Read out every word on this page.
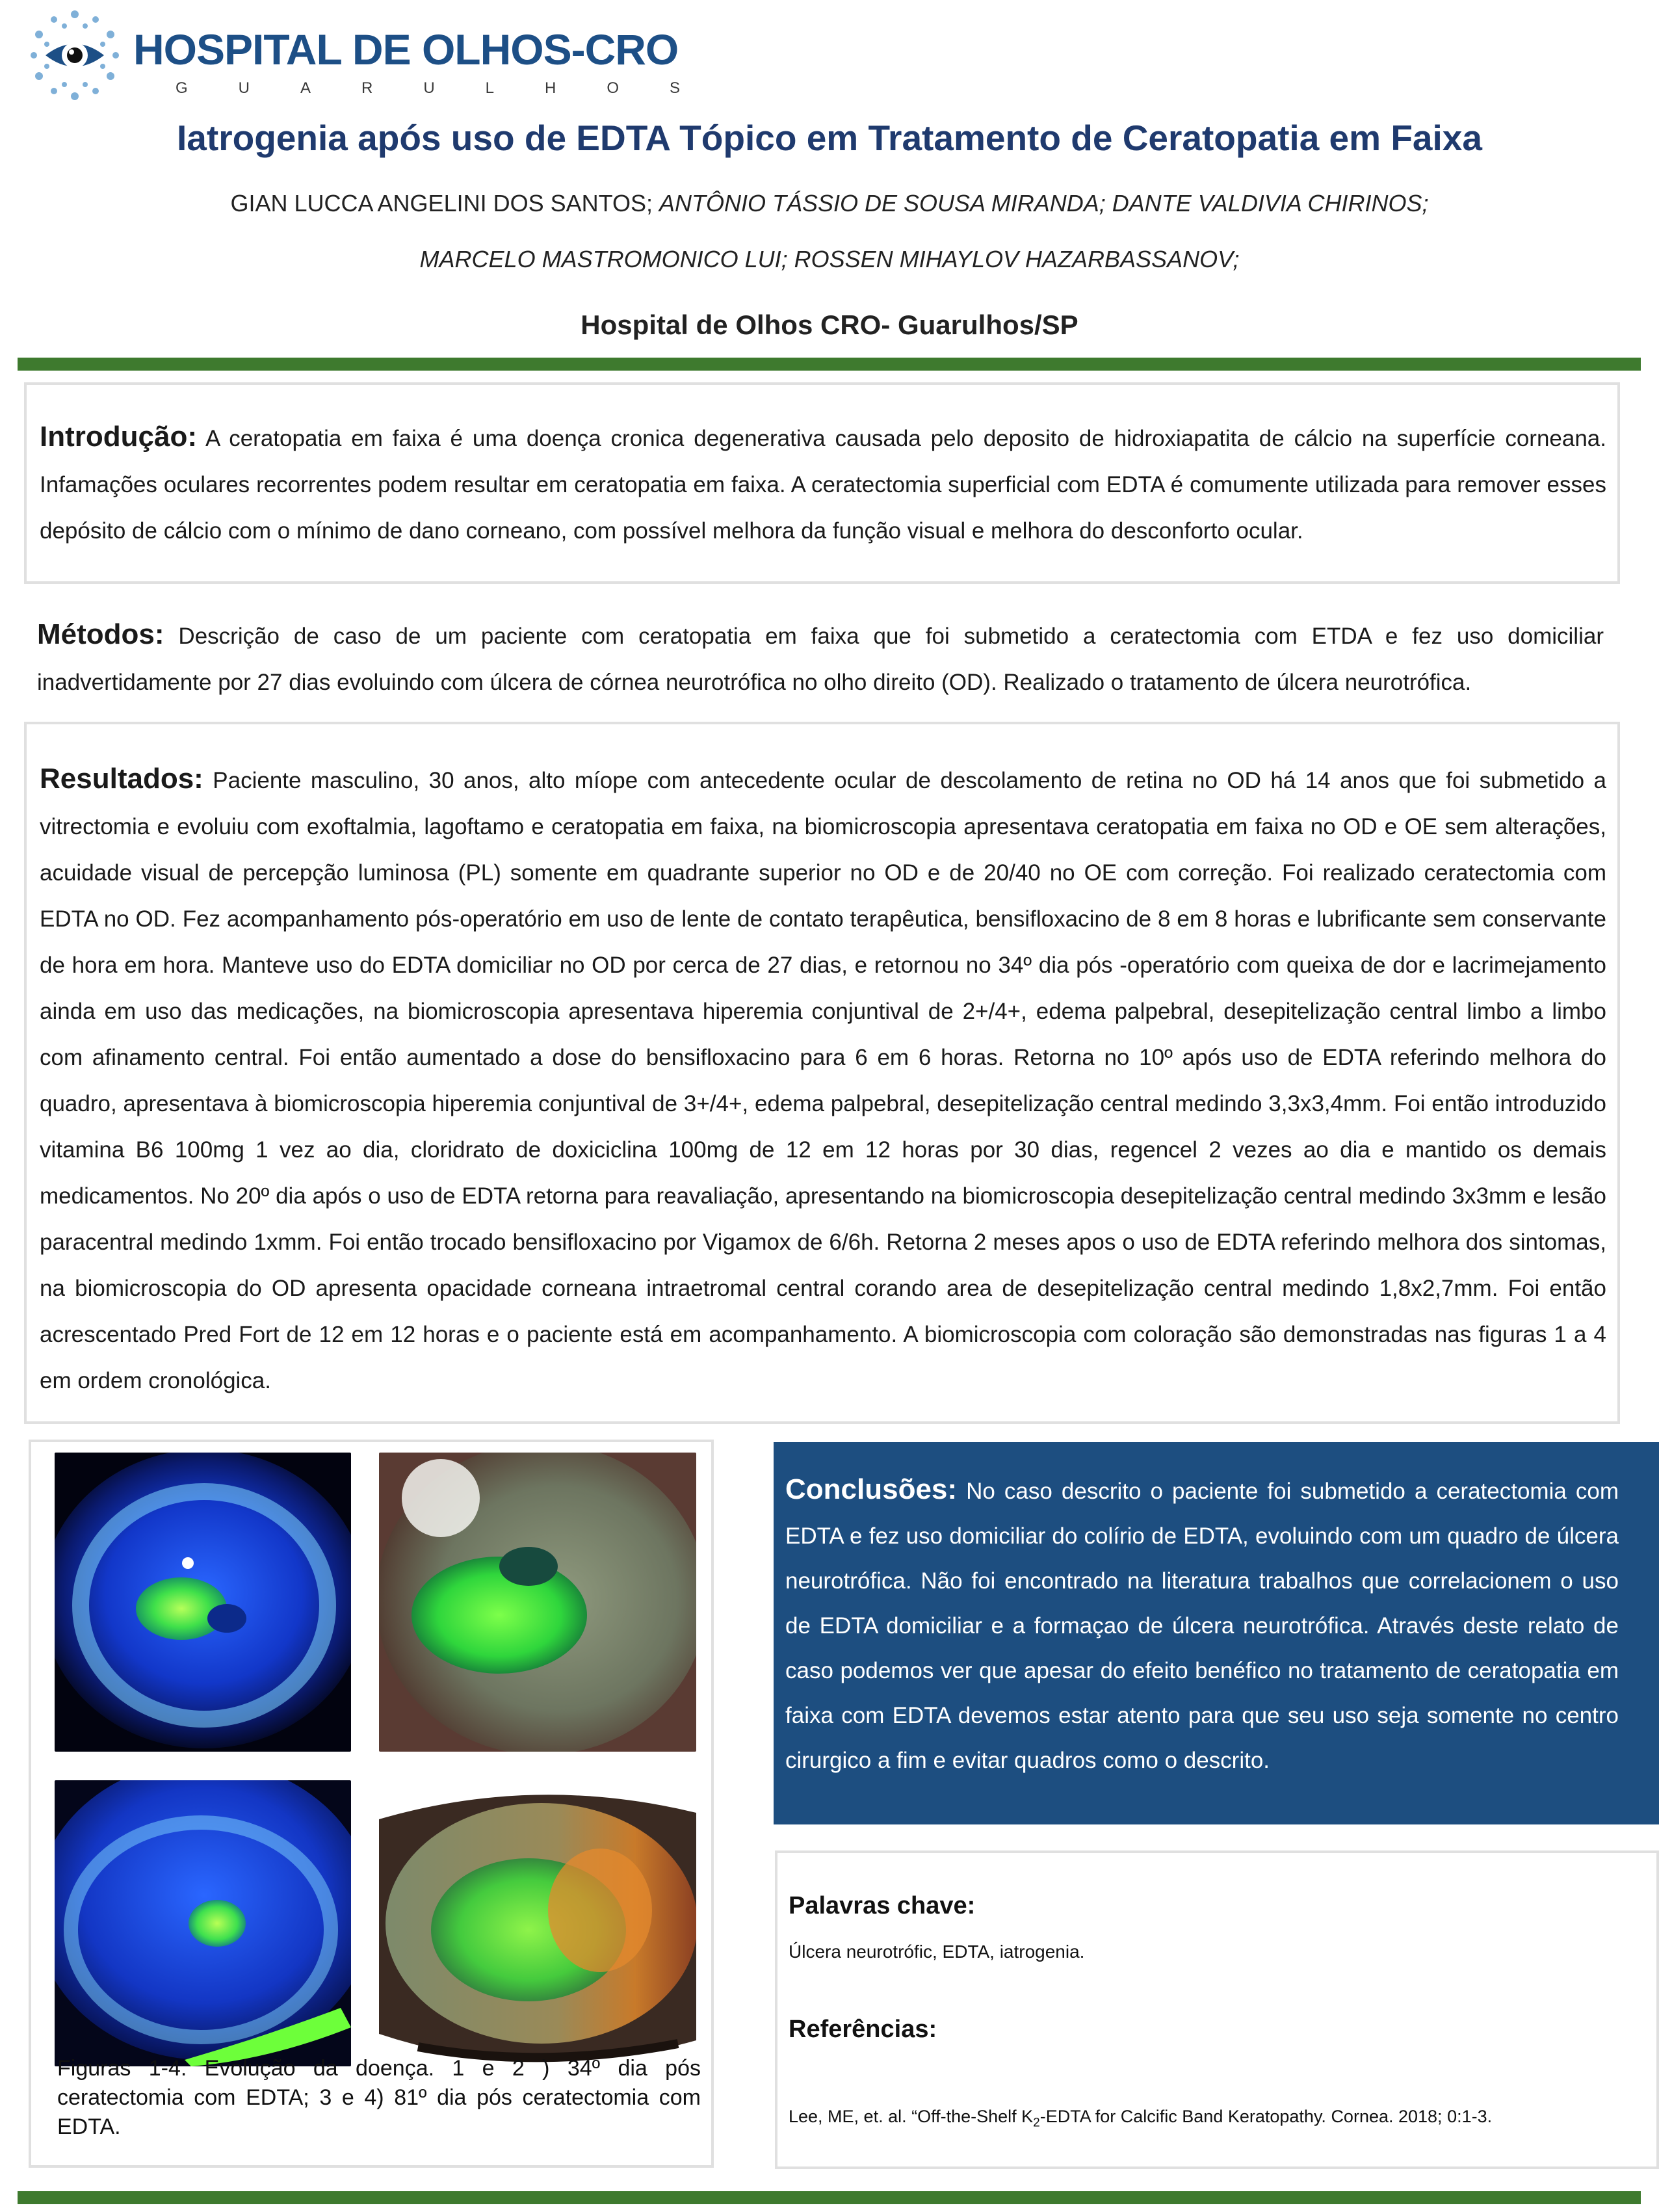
HOSPITAL DE OLHOS-CRO
GUARULHOS
Iatrogenia após uso de EDTA Tópico em Tratamento de Ceratopatia em Faixa
GIAN LUCCA ANGELINI DOS SANTOS; ANTÔNIO TÁSSIO DE SOUSA MIRANDA; DANTE VALDIVIA CHIRINOS;
MARCELO MASTROMONICO LUI; ROSSEN MIHAYLOV HAZARBASSANOV;
Hospital de Olhos CRO- Guarulhos/SP
Introdução: A ceratopatia em faixa é uma doença cronica degenerativa causada pelo deposito de hidroxiapatita de cálcio na superfície corneana. Infamações oculares recorrentes podem resultar em ceratopatia em faixa. A ceratectomia superficial com EDTA é comumente utilizada para remover esses depósito de cálcio com o mínimo de dano corneano, com possível melhora da função visual e melhora do desconforto ocular.
Métodos: Descrição de caso de um paciente com ceratopatia em faixa que foi submetido a ceratectomia com ETDA e fez uso domiciliar inadvertidamente por 27 dias evoluindo com úlcera de córnea neurotrófica no olho direito (OD). Realizado o tratamento de úlcera neurotrófica.
Resultados: Paciente masculino, 30 anos, alto míope com antecedente ocular de descolamento de retina no OD há 14 anos que foi submetido a vitrectomia e evoluiu com exoftalmia, lagoftamo e ceratopatia em faixa, na biomicroscopia apresentava ceratopatia em faixa no OD e OE sem alterações, acuidade visual de percepção luminosa (PL) somente em quadrante superior no OD e de 20/40 no OE com correção. Foi realizado ceratectomia com EDTA no OD. Fez acompanhamento pós-operatório em uso de lente de contato terapêutica, bensifloxacino de 8 em 8 horas e lubrificante sem conservante de hora em hora. Manteve uso do EDTA domiciliar no OD por cerca de 27 dias, e retornou no 34º dia pós -operatório com queixa de dor e lacrimejamento ainda em uso das medicações, na biomicroscopia apresentava hiperemia conjuntival de 2+/4+, edema palpebral, desepitelização central limbo a limbo com afinamento central. Foi então aumentado a dose do bensifloxacino para 6 em 6 horas. Retorna no 10º após uso de EDTA referindo melhora do quadro, apresentava à biomicroscopia hiperemia conjuntival de 3+/4+, edema palpebral, desepitelização central medindo 3,3x3,4mm. Foi então introduzido vitamina B6 100mg 1 vez ao dia, cloridrato de doxiciclina 100mg de 12 em 12 horas por 30 dias, regencel 2 vezes ao dia e mantido os demais medicamentos. No 20º dia após o uso de EDTA retorna para reavaliação, apresentando na biomicroscopia desepitelização central medindo 3x3mm e lesão paracentral medindo 1xmm. Foi então trocado bensifloxacino por Vigamox de 6/6h. Retorna 2 meses apos o uso de EDTA referindo melhora dos sintomas, na biomicroscopia do OD apresenta opacidade corneana intraetromal central corando area de desepitelização central medindo 1,8x2,7mm. Foi então acrescentado Pred Fort de 12 em 12 horas e o paciente está em acompanhamento. A biomicroscopia com coloração são demonstradas nas figuras 1 a 4 em ordem cronológica.
Figuras 1-4. Evolução da doença. 1 e 2 ) 34º dia pós ceratectomia com EDTA; 3 e 4) 81º dia pós ceratectomia com EDTA.
Conclusões: No caso descrito o paciente foi submetido a ceratectomia com EDTA e fez uso domiciliar do colírio de EDTA, evoluindo com um quadro de úlcera neurotrófica. Não foi encontrado na literatura trabalhos que correlacionem o uso de EDTA domiciliar e a formaçao de úlcera neurotrófica. Através deste relato de caso podemos ver que apesar do efeito benéfico no tratamento de ceratopatia em faixa com EDTA devemos estar atento para que seu uso seja somente no centro cirurgico a fim e evitar quadros como o descrito.
Palavras chave:
Úlcera neurotrófic, EDTA, iatrogenia.
Referências:
Lee, ME, et. al. “Off-the-Shelf $K_2$-EDTA for Calcific Band Keratopathy. Cornea. 2018; 0:1-3.
